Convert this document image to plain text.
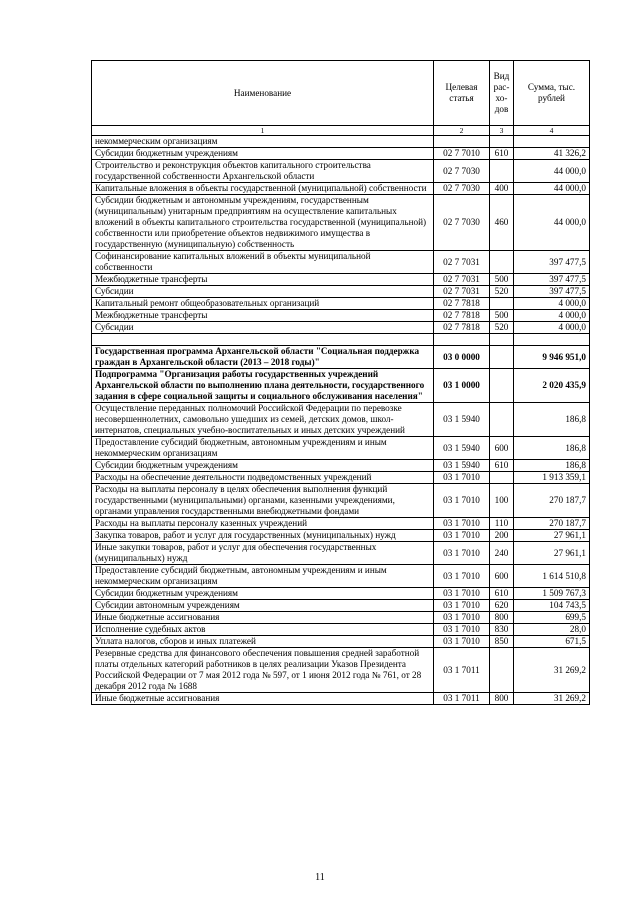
Наименование	Целевая статья	Вид рас- хо- дов	Сумма, тыс. рублей
1	2	3	4
некоммерческим организациям			
Субсидии бюджетным учреждениям	02 7 7010	610	41 326,2
Строительство и реконструкция объектов капитального строительства государственной собственности Архангельской области	02 7 7030		44 000,0
Капитальные вложения в объекты государственной (муниципальной) собственности	02 7 7030	400	44 000,0
Субсидии бюджетным и автономным учреждениям, государственным (муниципальным) унитарным предприятиям на осуществление капитальных вложений в объекты капитального строительства государственной (муниципальной) собственности или приобретение объектов недвижимого имущества в государственную (муниципальную) собственность	02 7 7030	460	44 000,0
Софинансирование капитальных вложений в объекты муниципальной собственности	02 7 7031		397 477,5
Межбюджетные трансферты	02 7 7031	500	397 477,5
Субсидии	02 7 7031	520	397 477,5
Капитальный ремонт общеобразовательных организаций	02 7 7818		4 000,0
Межбюджетные трансферты	02 7 7818	500	4 000,0
Субсидии	02 7 7818	520	4 000,0

Государственная программа Архангельской области "Социальная поддержка граждан в Архангельской области (2013 – 2018 годы)"	03 0 0000		9 946 951,0
Подпрограмма "Организация работы государственных учреждений Архангельской области по выполнению плана деятельности, государственного задания в сфере социальной защиты и социального обслуживания населения"	03 1 0000		2 020 435,9
Осуществление переданных полномочий Российской Федерации по перевозке несовершеннолетних, самовольно ушедших из семей, детских домов, школ-интернатов, специальных учебно-воспитательных и иных детских учреждений	03 1 5940		186,8
Предоставление субсидий бюджетным, автономным учреждениям и иным некоммерческим организациям	03 1 5940	600	186,8
Субсидии бюджетным учреждениям	03 1 5940	610	186,8
Расходы на обеспечение деятельности подведомственных учреждений	03 1 7010		1 913 359,1
Расходы на выплаты персоналу в целях обеспечения выполнения функций государственными (муниципальными) органами, казенными учреждениями, органами управления государственными внебюджетными фондами	03 1 7010	100	270 187,7
Расходы на выплаты персоналу казенных учреждений	03 1 7010	110	270 187,7
Закупка товаров, работ и услуг для государственных (муниципальных) нужд	03 1 7010	200	27 961,1
Иные закупки товаров, работ и услуг для обеспечения государственных (муниципальных) нужд	03 1 7010	240	27 961,1
Предоставление субсидий бюджетным, автономным учреждениям и иным некоммерческим организациям	03 1 7010	600	1 614 510,8
Субсидии бюджетным учреждениям	03 1 7010	610	1 509 767,3
Субсидии автономным учреждениям	03 1 7010	620	104 743,5
Иные бюджетные ассигнования	03 1 7010	800	699,5
Исполнение судебных актов	03 1 7010	830	28,0
Уплата налогов, сборов и иных платежей	03 1 7010	850	671,5
Резервные средства для финансового обеспечения повышения средней заработной платы отдельных категорий работников в целях реализации Указов Президента Российской Федерации от 7 мая 2012 года № 597, от 1 июня 2012 года № 761, от 28 декабря 2012 года № 1688	03 1 7011		31 269,2
Иные бюджетные ассигнования	03 1 7011	800	31 269,2
11
